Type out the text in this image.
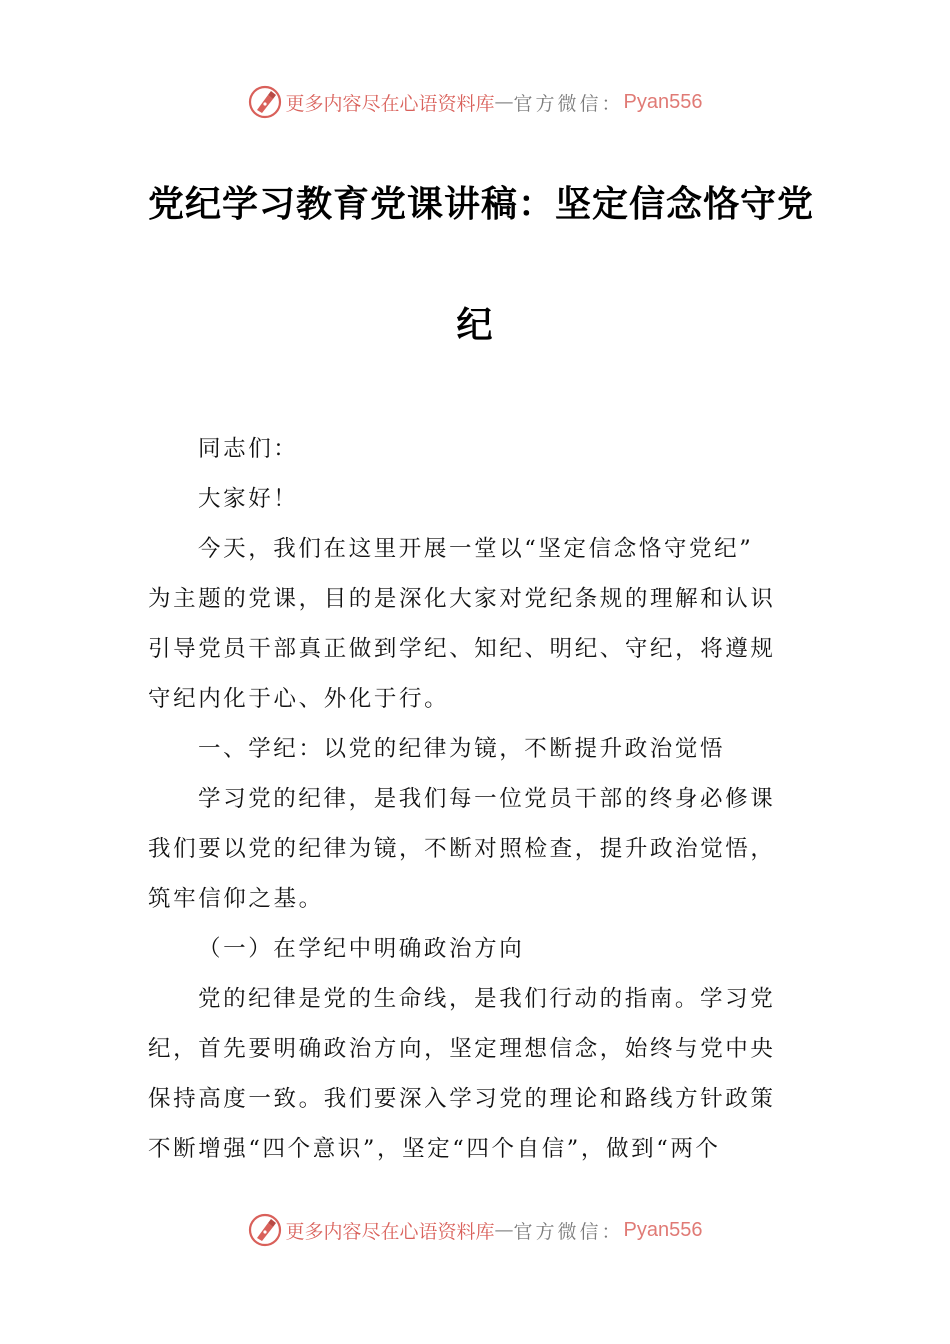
更多内容尽在心语资料库 — 官方微信： Pyan556
党纪学习教育党课讲稿：坚定信念恪守党
纪
同志们：
大家好！
今天，我们在这里开展一堂以“坚定信念恪守党纪”
为主题的党课，目的是深化大家对党纪条规的理解和认识
引导党员干部真正做到学纪、知纪、明纪、守纪，将遵规
守纪内化于心、外化于行。
一、学纪：以党的纪律为镜，不断提升政治觉悟
学习党的纪律，是我们每一位党员干部的终身必修课
我们要以党的纪律为镜，不断对照检查，提升政治觉悟，
筑牢信仰之基。
（一）在学纪中明确政治方向
党的纪律是党的生命线，是我们行动的指南。学习党
纪，首先要明确政治方向，坚定理想信念，始终与党中央
保持高度一致。我们要深入学习党的理论和路线方针政策
不断增强“四个意识”，坚定“四个自信”，做到“两个
更多内容尽在心语资料库 — 官方微信： Pyan556
